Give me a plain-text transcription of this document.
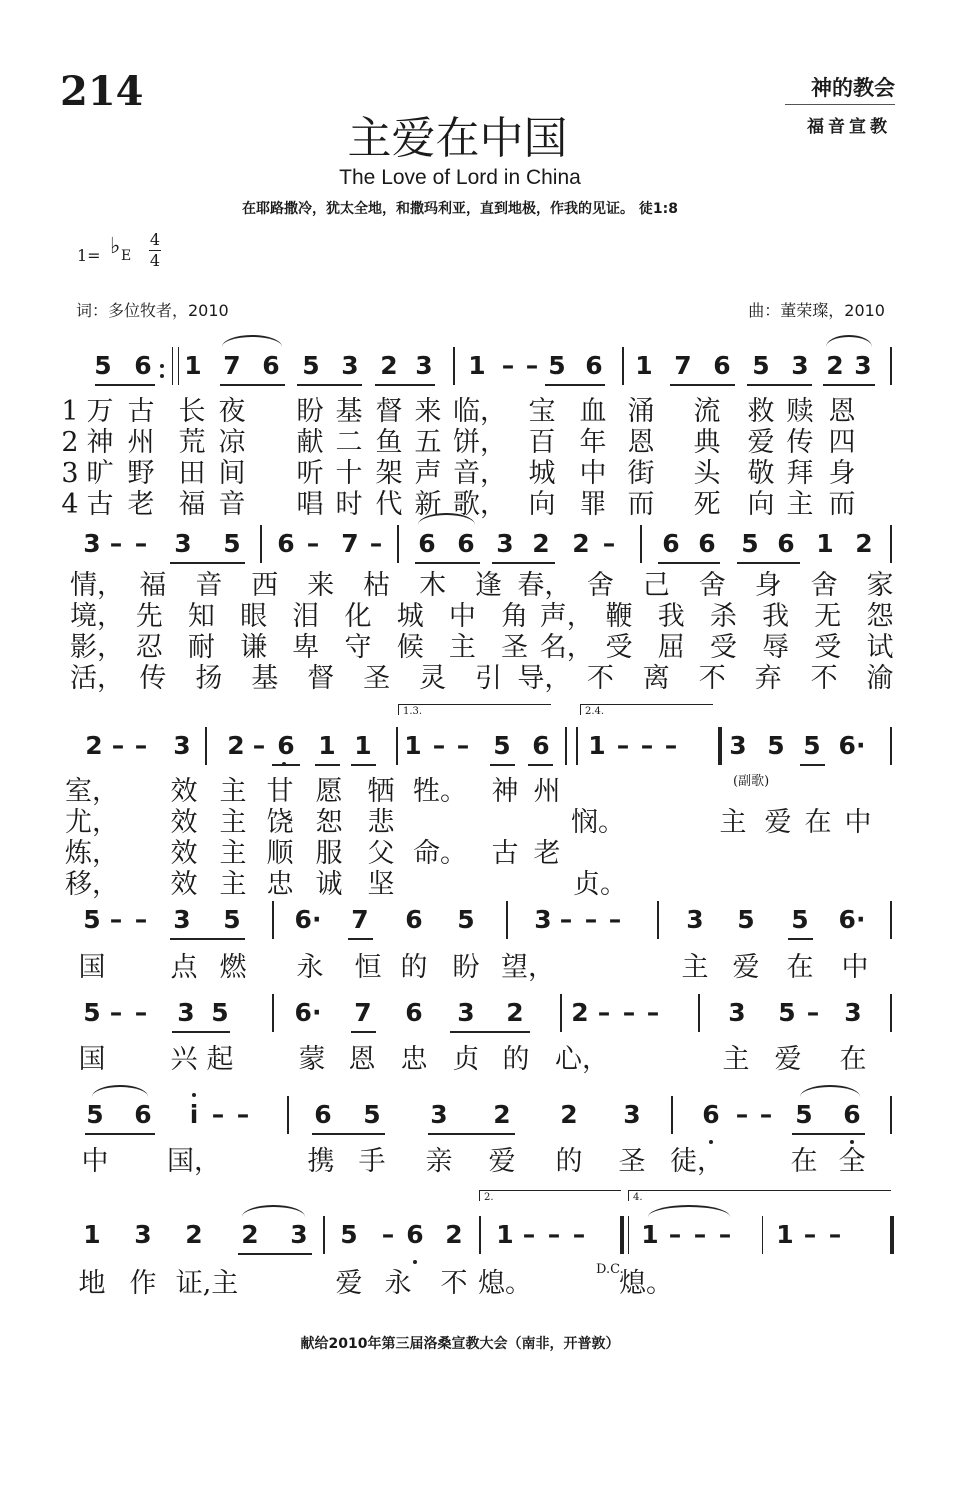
214	神的教会
福音宣教
主爱在中国
The Love of Lord in China
在耶路撒冷，犹太全地，和撒玛利亚，直到地极，作我的见证。 徒1:8
1= ♭ E
4
4
词：多位牧者，2010	曲：董荣璨，2010
5 6 1 7 6 5 3 2 3 1 – – 5 6 1 7 6 5 3 2 3
1 万 古 长 夜 盼 基 督 来 临， 宝 血 涌 流 救 赎 恩
2 神 州 荒 凉 献 二 鱼 五 饼， 百 年 恩 典 爱 传 四
3 旷 野 田 间 听 十 架 声 音， 城 中 街 头 敬 拜 身
4 古 老 福 音 唱 时 代 新 歌， 向 罪 而 死 向 主 而
3 – – 3 5 6 – 7 – 6 6 3 2 2 – 6 6 5 6 1 2
情， 福 音 西 来 枯 木 逢 春， 舍 己 舍 身 舍 家
境， 先 知 眼 泪 化 城 中 角 声， 鞭 我 杀 我 无 怨
影， 忍 耐 谦 卑 守 候 主 圣 名， 受 屈 受 辱 受 试
活， 传 扬 基 督 圣 灵 引 导， 不 离 不 弃 不 渝
2 – – 3 2 – 6 1 1 1 – – 5 6 1 – – – 3 5 5 6·
1.3.	2.4.
室， 效 主 甘 愿 牺 牲。 神 州
尤， 效 主 饶 恕 悲	悯。	主 爱 在 中
炼， 效 主 顺 服 父 命。 古 老
移， 效 主 忠 诚 坚	贞。
5 – – 3 5 6· 7 6 5 3 – – –	3 5 5 6·
国 点 燃 永 恒 的 盼 望，	主 爱 在 中
5 – – 3 5	6· 7 6 3 2 2 – – –	3 5 – 3
国 兴 起 蒙 恩 忠 贞 的 心，	主 爱 在
5 6 i – –	6 5 3 2 2 3 6 – – 5 6
中 国，	携 手 亲 爱 的 圣 徒， 在 全
1 3 2 2 3 5 – 6 2 1 – – – 1 – – – 1 – –
2.	4.
地 作 证,主	爱 永 不 熄。	熄。
(副歌)
D.C.
献给2010年第三届洛桑宣教大会（南非，开普敦）
